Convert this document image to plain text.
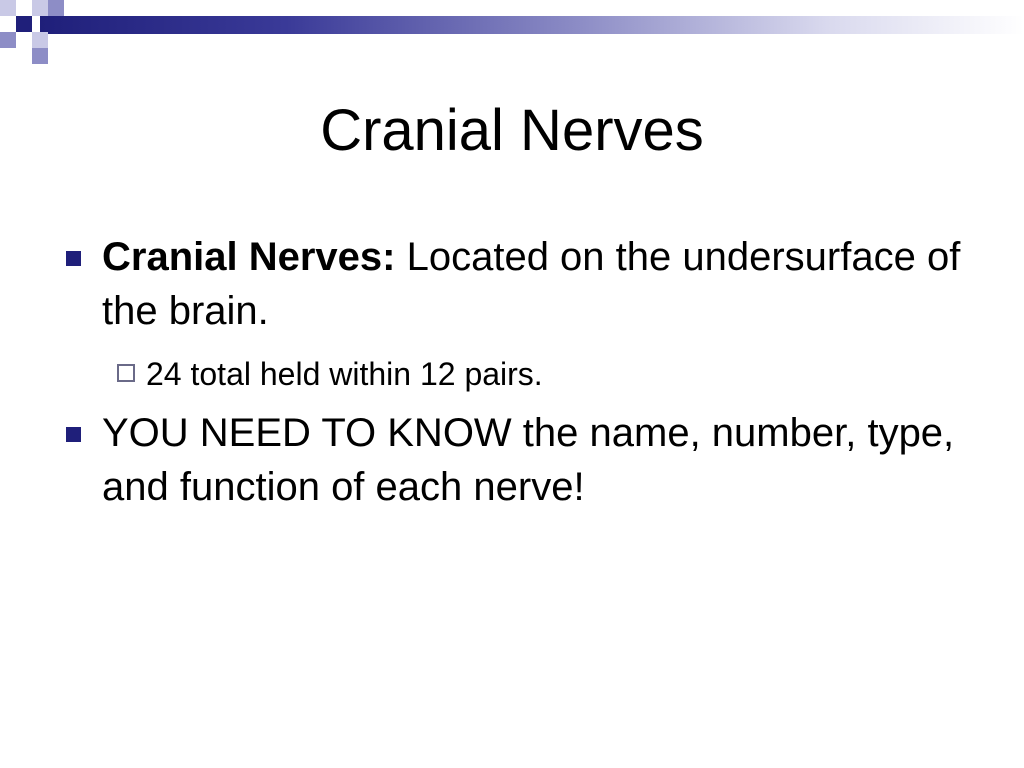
Cranial Nerves
Cranial Nerves: Located on the undersurface of the brain.
24 total held within 12 pairs.
YOU NEED TO KNOW the name, number, type, and function of each nerve!
